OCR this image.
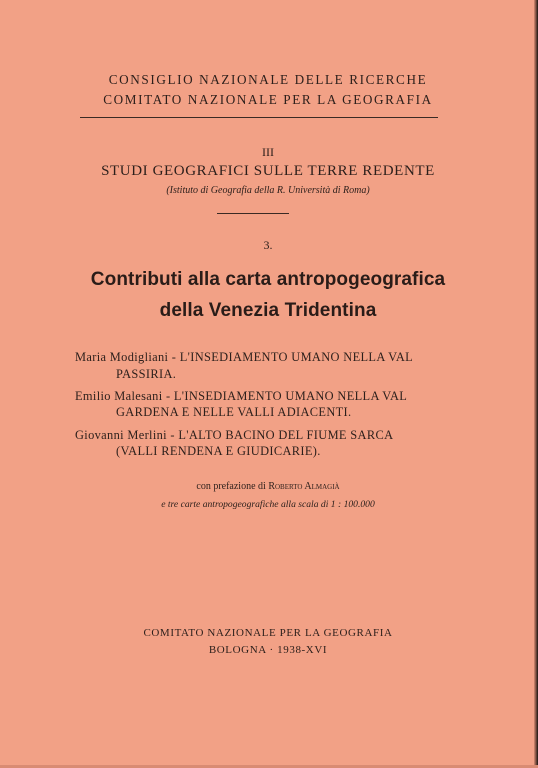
CONSIGLIO NAZIONALE DELLE RICERCHE
COMITATO NAZIONALE PER LA GEOGRAFIA
III
STUDI GEOGRAFICI SULLE TERRE REDENTE
(Istituto di Geografia della R. Università di Roma)
3.
Contributi alla carta antropogeografica
della Venezia Tridentina
Maria Modigliani - L'INSEDIAMENTO UMANO NELLA VAL
PASSIRIA.
Emilio Malesani - L'INSEDIAMENTO UMANO NELLA VAL
GARDENA E NELLE VALLI ADIACENTI.
Giovanni Merlini - L'ALTO BACINO DEL FIUME SARCA
(VALLI RENDENA E GIUDICARIE).
con prefazione di Roberto Almagià
e tre carte antropogeografiche alla scala di 1 : 100.000
COMITATO NAZIONALE PER LA GEOGRAFIA
BOLOGNA · 1938-XVI
